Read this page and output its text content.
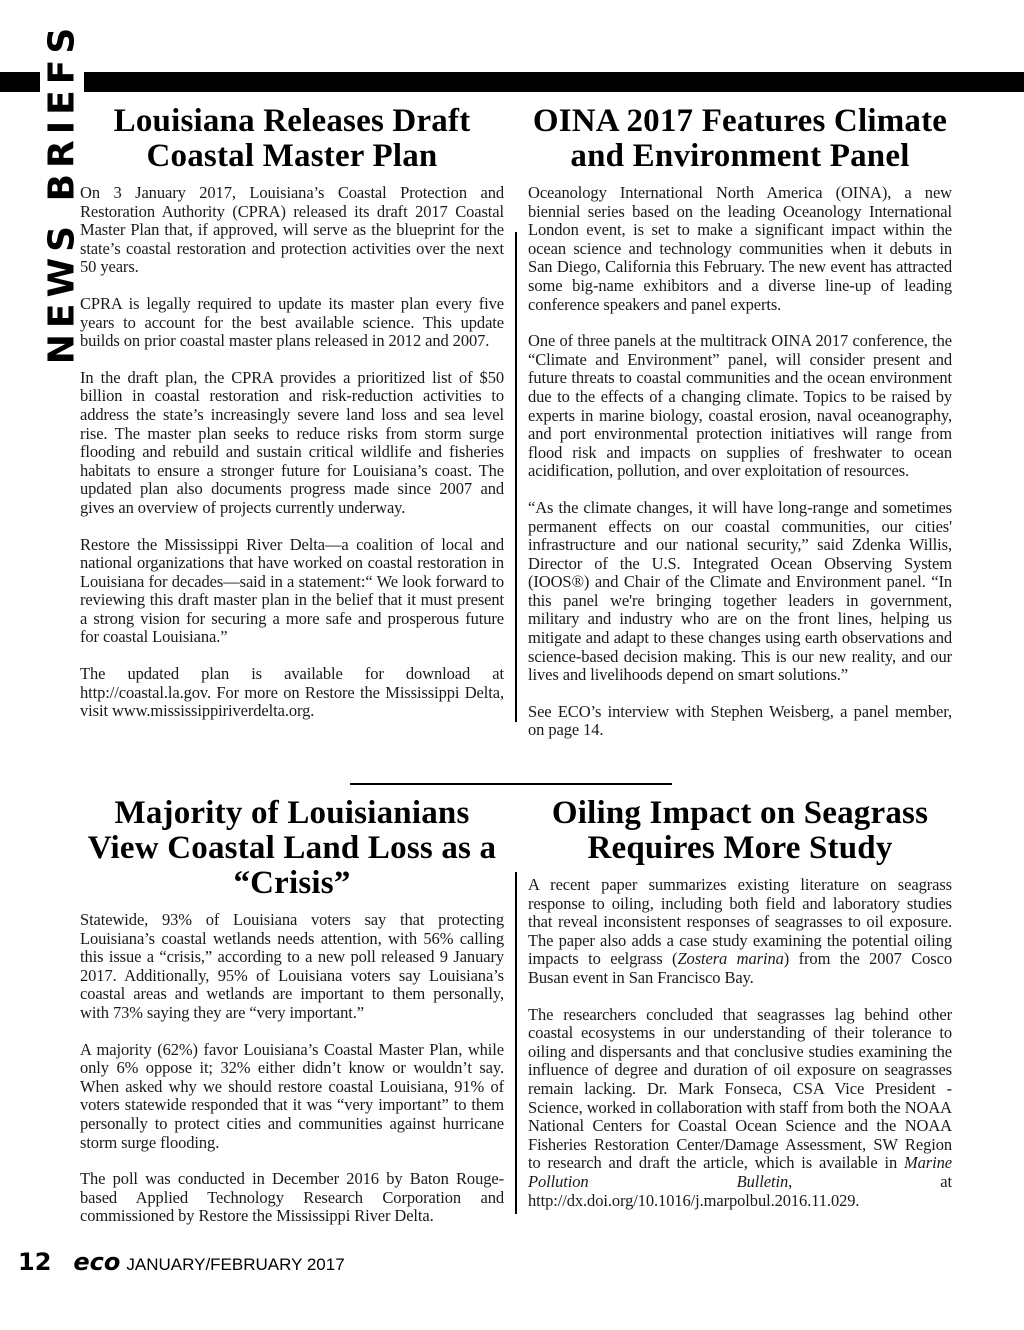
NEWS BRIEFS Louisiana Releases Draft Coastal Master Plan

On 3 January 2017, Louisiana’s Coastal Protection and Restoration Authority (CPRA) released its draft 2017 Coastal Master Plan that, if approved, will serve as the blueprint for the state’s coastal restoration and protection activities over the next 50 years.

CPRA is legally required to update its master plan every five years to account for the best available science. This update builds on prior coastal master plans released in 2012 and 2007.

In the draft plan, the CPRA provides a prioritized list of $50 billion in coastal restoration and risk-reduction activities to address the state’s increasingly severe land loss and sea level rise. The master plan seeks to reduce risks from storm surge flooding and rebuild and sustain critical wildlife and fisheries habitats to ensure a stronger future for Louisiana’s coast. The updated plan also documents progress made since 2007 and gives an overview of projects currently underway.

Restore the Mississippi River Delta—a coalition of local and national organizations that have worked on coastal restoration in Louisiana for decades—said in a statement:“ We look forward to reviewing this draft master plan in the belief that it must present a strong vision for securing a more safe and prosperous future for coastal Louisiana.”

The updated plan is available for download at http://coastal.la.gov. For more on Restore the Mississippi Delta, visit www.mississippiriverdelta.org.

OINA 2017 Features Climate and Environment Panel

Oceanology International North America (OINA), a new biennial series based on the leading Oceanology International London event, is set to make a significant impact within the ocean science and technology communities when it debuts in San Diego, California this February. The new event has attracted some big-name exhibitors and a diverse line-up of leading conference speakers and panel experts.

One of three panels at the multitrack OINA 2017 conference, the “Climate and Environment” panel, will consider present and future threats to coastal communities and the ocean environment due to the effects of a changing climate. Topics to be raised by experts in marine biology, coastal erosion, naval oceanography, and port environmental protection initiatives will range from flood risk and impacts on supplies of freshwater to ocean acidification, pollution, and over exploitation of resources.

“As the climate changes, it will have long-range and sometimes permanent effects on our coastal communities, our cities' infrastructure and our national security,” said Zdenka Willis, Director of the U.S. Integrated Ocean Observing System (IOOS®) and Chair of the Climate and Environment panel. “In this panel we're bringing together leaders in government, military and industry who are on the front lines, helping us mitigate and adapt to these changes using earth observations and science-based decision making. This is our new reality, and our lives and livelihoods depend on smart solutions.”

See ECO’s interview with Stephen Weisberg, a panel member, on page 14.

Majority of Louisianians View Coastal Land Loss as a “Crisis”

Statewide, 93% of Louisiana voters say that protecting Louisiana’s coastal wetlands needs attention, with 56% calling this issue a “crisis,” according to a new poll released 9 January 2017. Additionally, 95% of Louisiana voters say Louisiana’s coastal areas and wetlands are important to them personally, with 73% saying they are “very important.”

A majority (62%) favor Louisiana’s Coastal Master Plan, while only 6% oppose it; 32% either didn’t know or wouldn’t say. When asked why we should restore coastal Louisiana, 91% of voters statewide responded that it was “very important” to them personally to protect cities and communities against hurricane storm surge flooding.

The poll was conducted in December 2016 by Baton Rouge-based Applied Technology Research Corporation and commissioned by Restore the Mississippi River Delta.

Oiling Impact on Seagrass Requires More Study

A recent paper summarizes existing literature on seagrass response to oiling, including both field and laboratory studies that reveal inconsistent responses of seagrasses to oil exposure. The paper also adds a case study examining the potential oiling impacts to eelgrass (Zostera marina) from the 2007 Cosco Busan event in San Francisco Bay.

The researchers concluded that seagrasses lag behind other coastal ecosystems in our understanding of their tolerance to oiling and dispersants and that conclusive studies examining the influence of degree and duration of oil exposure on seagrasses remain lacking. Dr. Mark Fonseca, CSA Vice President - Science, worked in collaboration with staff from both the NOAA National Centers for Coastal Ocean Science and the NOAA Fisheries Restoration Center/Damage Assessment, SW Region to research and draft the article, which is available in Marine Pollution Bulletin, at http://dx.doi.org/10.1016/j.marpolbul.2016.11.029.

12 eco JANUARY/FEBRUARY 2017
